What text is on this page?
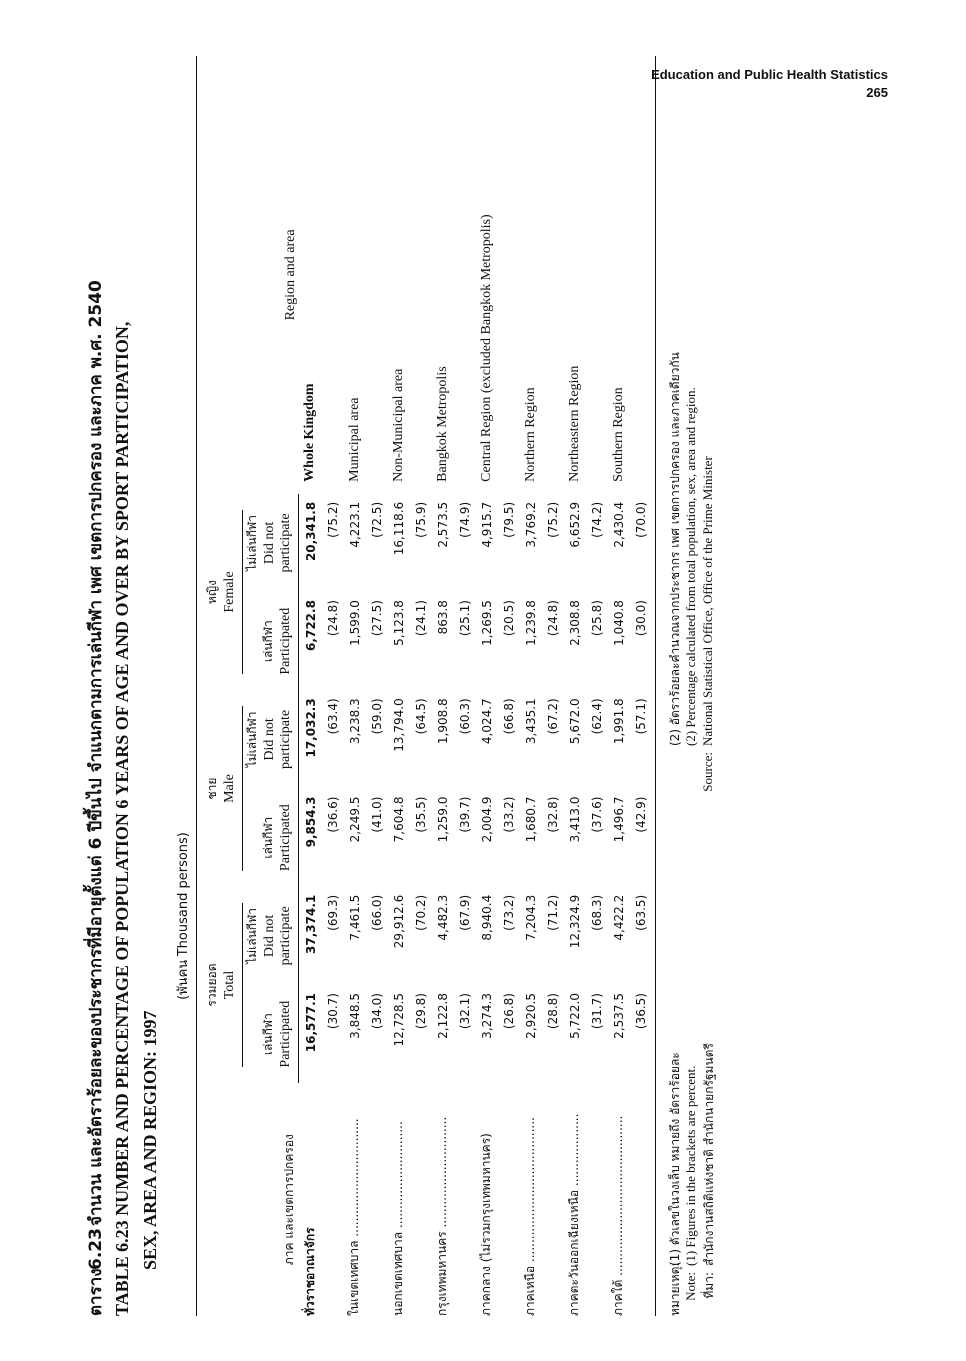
Education and Public Health Statistics
265
ตาราง6.23จำนวน และอัตราร้อยละของประชากรที่มีอายุตั้งแต่ 6 ปีขึ้นไป จำแนกตามการเล่นกีฬา เพศ เขตการปกครอง และภาค พ.ศ. 2540 TABLE 6.23 NUMBER AND PERCENTAGE OF POPULATION 6 YEARS OF AGE AND OVER BY SPORT PARTICIPATION, SEX, AREA AND REGION: 1997
(พันคน Thousand persons)
ภาค และเขตการปกครอง	รวมยอด Total		ชาย Male		หญิง Female		Region and area

	เล่นกีฬา Participated	ไม่เล่นกีฬา Did not participate	เล่นกีฬา Participated	ไม่เล่นกีฬา Did not participate	เล่นกีฬา Participated	ไม่เล่นกีฬา Did not participate	
ทั่วราชอาณาจักร	16,577.1	37,374.1	9,854.3	17,032.3	6,722.8	20,341.8	Whole Kingdom
	(30.7)	(69.3)	(36.6)	(63.4)	(24.8)	(75.2)	
ในเขตเทศบาล ...............................	3,848.5	7,461.5	2,249.5	3,238.3	1,599.0	4,223.1	Municipal area
	(34.0)	(66.0)	(41.0)	(59.0)	(27.5)	(72.5)	
นอกเขตเทศบาล ............................	12,728.5	29,912.6	7,604.8	13,794.0	5,123.8	16,118.6	Non-Municipal area
	(29.8)	(70.2)	(35.5)	(64.5)	(24.1)	(75.9)	
กรุงเทพมหานคร .............................	2,122.8	4,482.3	1,259.0	1,908.8	863.8	2,573.5	Bangkok Metropolis
	(32.1)	(67.9)	(39.7)	(60.3)	(25.1)	(74.9)	
ภาคกลาง (ไม่รวมกรุงเทพมหานคร)	3,274.3	8,940.4	2,004.9	4,024.7	1,269.5	4,915.7	Central Region (excluded Bangkok Metropolis)
	(26.8)	(73.2)	(33.2)	(66.8)	(20.5)	(79.5)	
ภาคเหนือ ......................................	2,920.5	7,204.3	1,680.7	3,435.1	1,239.8	3,769.2	Northern Region
	(28.8)	(71.2)	(32.8)	(67.2)	(24.8)	(75.2)	
ภาคตะวันออกเฉียงเหนือ ...................	5,722.0	12,324.9	3,413.0	5,672.0	2,308.8	6,652.9	Northeastern Region
	(31.7)	(68.3)	(37.6)	(62.4)	(25.8)	(74.2)	
ภาคใต้ ..........................................	2,537.5	4,422.2	1,496.7	1,991.8	1,040.8	2,430.4	Southern Region
	(36.5)	(63.5)	(42.9)	(57.1)	(30.0)	(70.0)	
หมายเหตุ:(1) ตัวเลขในวงเล็บ หมายถึง อัตราร้อยละ
Note:(1) Figures in the brackets are percent.
ที่มา:สำนักงานสถิติแห่งชาติ สำนักนายกรัฐมนตรี
(2) อัตราร้อยละคำนวณจากประชากร เพศ เขตการปกครอง และภาคเดียวกัน (2) Percentage calculated from total population, sex, area and region.
Source:National Statistical Office, Office of the Prime Minister
